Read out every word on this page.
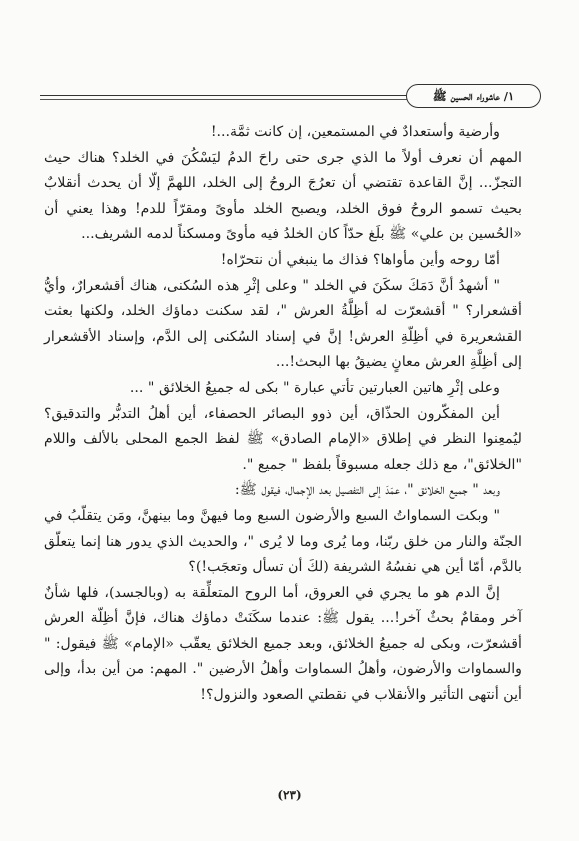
١/ عاشوراء الحسين ﷺ

وأرضية وأستعدادٌ في المستمعين، إن كانت ثمَّة...!

المهم أن نعرف أولاً ما الذي جرى حتى راحَ الدمُ ليَسْكُنَ في الخلد؟ هناك حيث التجزّ... إنَّ القاعدة تقتضي أن تعرُجَ الروحُ إلى الخلد، اللهمَّ إلّا أن يحدث أنقلابٌ بحيث تسمو الروحُ فوق الخلد، ويصبح الخلد مأوىً ومقرّاً للدم! وهذا يعني أن «الحُسين بن علي» ﷺ بلَغ حدّاً كان الخلدُ فيه مأوىً ومسكناً لدمه الشريف...

أمّا روحه وأين مأواها؟ فذاك ما ينبغي أن نتحرّاه!

" أشهدُ أنَّ دَمَكَ سكَنَ في الخلد " وعلى إثْرِ هذه السُكنى، هناك أقشعرارٌ، وأيُّ أقشعرار؟ " أقشعرّت له أظِلَّةُ العرش "، لقد سكنت دماؤك الخلد، ولكنها بعثت القشعريرة في أظِلّةِ العرش! إنَّ في إسناد السُكنى إلى الدَّم، وإسناد الأقشعرار إلى أظِلَّةِ العرش معانٍ يضيقُ بها البحث!...

وعلى إثْرِ هاتين العبارتين تأتي عبارة " بكى له جميعُ الخلائق " ...

أين المفكّرون الحذّاق، أين ذوو البصائر الحصفاء، أين أهلُ التدبُّر والتدقيق؟ ليُمعِنوا النظر في إطلاق «الإمام الصادق» ﷺ لفظ الجمع المحلى بالألف واللام "الخلائق"، مع ذلك جعله مسبوقاً بلفظ " جميع ".

وبعد " جميع الخلائق "، عمَدَ إلى التفصيل بعد الإجمال، فيقول ﷺ:

" وبكت السماواتُ السبع والأرضون السبع وما فيهنَّ وما بينهنَّ، ومَن يتقلّبُ في الجنّة والنار من خلق ربّنا، وما يُرى وما لا يُرى "، والحديث الذي يدور هنا إنما يتعلّق بالدَّم، أمّا أين هي نفسُهُ الشريفة (لكَ أن تسأل وتعجَب!)؟

إنَّ الدم هو ما يجري في العروق، أما الروح المتعلِّقة به (وبالجسد)، فلها شأنٌ آخر ومقامٌ بحثٌ آخر!... يقول ﷺ: عندما سكَنَتْ دماؤك هناك، فإنَّ أظِلّة العرش أقشعرّت، وبكى له جميعُ الخلائق، وبعد جميع الخلائق يعقّب «الإمام» ﷺ فيقول: " والسماوات والأرضون، وأهلُ السماوات وأهلُ الأرضين ". المهم: من أين بدأ، وإلى أين أنتهى التأثير والأنقلاب في نقطتي الصعود والنزول؟!

(٢٣)
